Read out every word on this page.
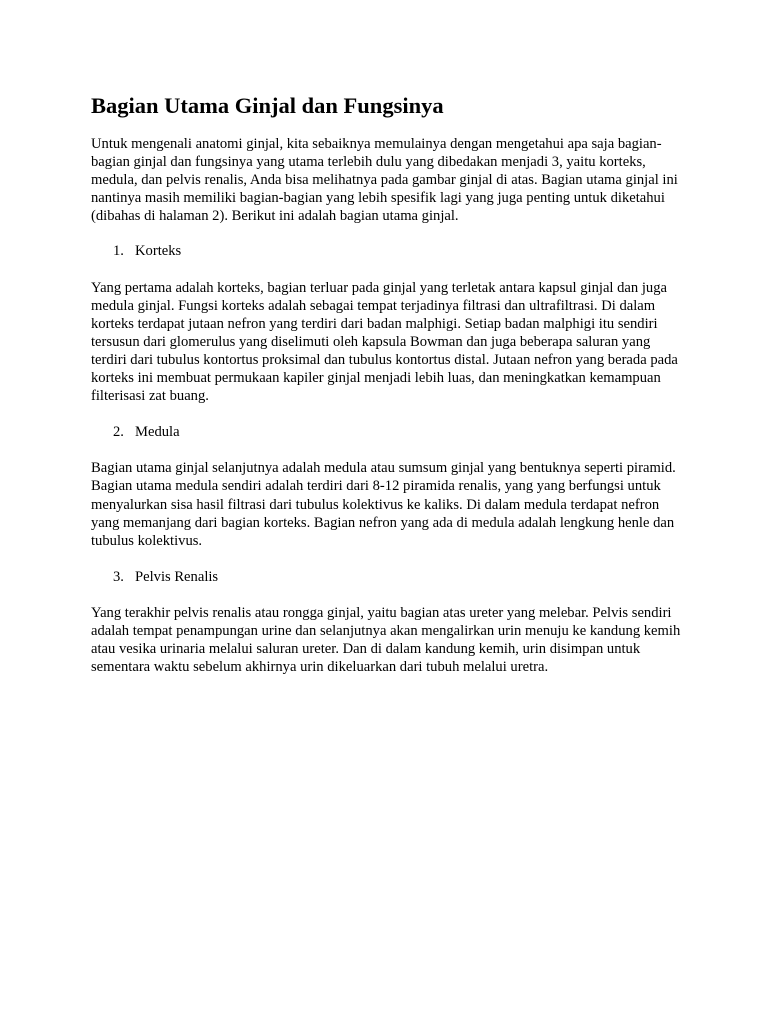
Bagian Utama Ginjal dan Fungsinya

Untuk mengenali anatomi ginjal, kita sebaiknya memulainya dengan mengetahui apa saja bagian-bagian ginjal dan fungsinya yang utama terlebih dulu yang dibedakan menjadi 3, yaitu korteks, medula, dan pelvis renalis, Anda bisa melihatnya pada gambar ginjal di atas. Bagian utama ginjal ini nantinya masih memiliki bagian-bagian yang lebih spesifik lagi yang juga penting untuk diketahui (dibahas di halaman 2). Berikut ini adalah bagian utama ginjal.

1. Korteks

Yang pertama adalah korteks, bagian terluar pada ginjal yang terletak antara kapsul ginjal dan juga medula ginjal. Fungsi korteks adalah sebagai tempat terjadinya filtrasi dan ultrafiltrasi. Di dalam korteks terdapat jutaan nefron yang terdiri dari badan malphigi. Setiap badan malphigi itu sendiri tersusun dari glomerulus yang diselimuti oleh kapsula Bowman dan juga beberapa saluran yang terdiri dari tubulus kontortus proksimal dan tubulus kontortus distal. Jutaan nefron yang berada pada korteks ini membuat permukaan kapiler ginjal menjadi lebih luas, dan meningkatkan kemampuan filterisasi zat buang.

2. Medula

Bagian utama ginjal selanjutnya adalah medula atau sumsum ginjal yang bentuknya seperti piramid. Bagian utama medula sendiri adalah terdiri dari 8-12 piramida renalis, yang yang berfungsi untuk menyalurkan sisa hasil filtrasi dari tubulus kolektivus ke kaliks. Di dalam medula terdapat nefron yang memanjang dari bagian korteks. Bagian nefron yang ada di medula adalah lengkung henle dan tubulus kolektivus.

3. Pelvis Renalis

Yang terakhir pelvis renalis atau rongga ginjal, yaitu bagian atas ureter yang melebar. Pelvis sendiri adalah tempat penampungan urine dan selanjutnya akan mengalirkan urin menuju ke kandung kemih atau vesika urinaria melalui saluran ureter. Dan di dalam kandung kemih, urin disimpan untuk sementara waktu sebelum akhirnya urin dikeluarkan dari tubuh melalui uretra.
